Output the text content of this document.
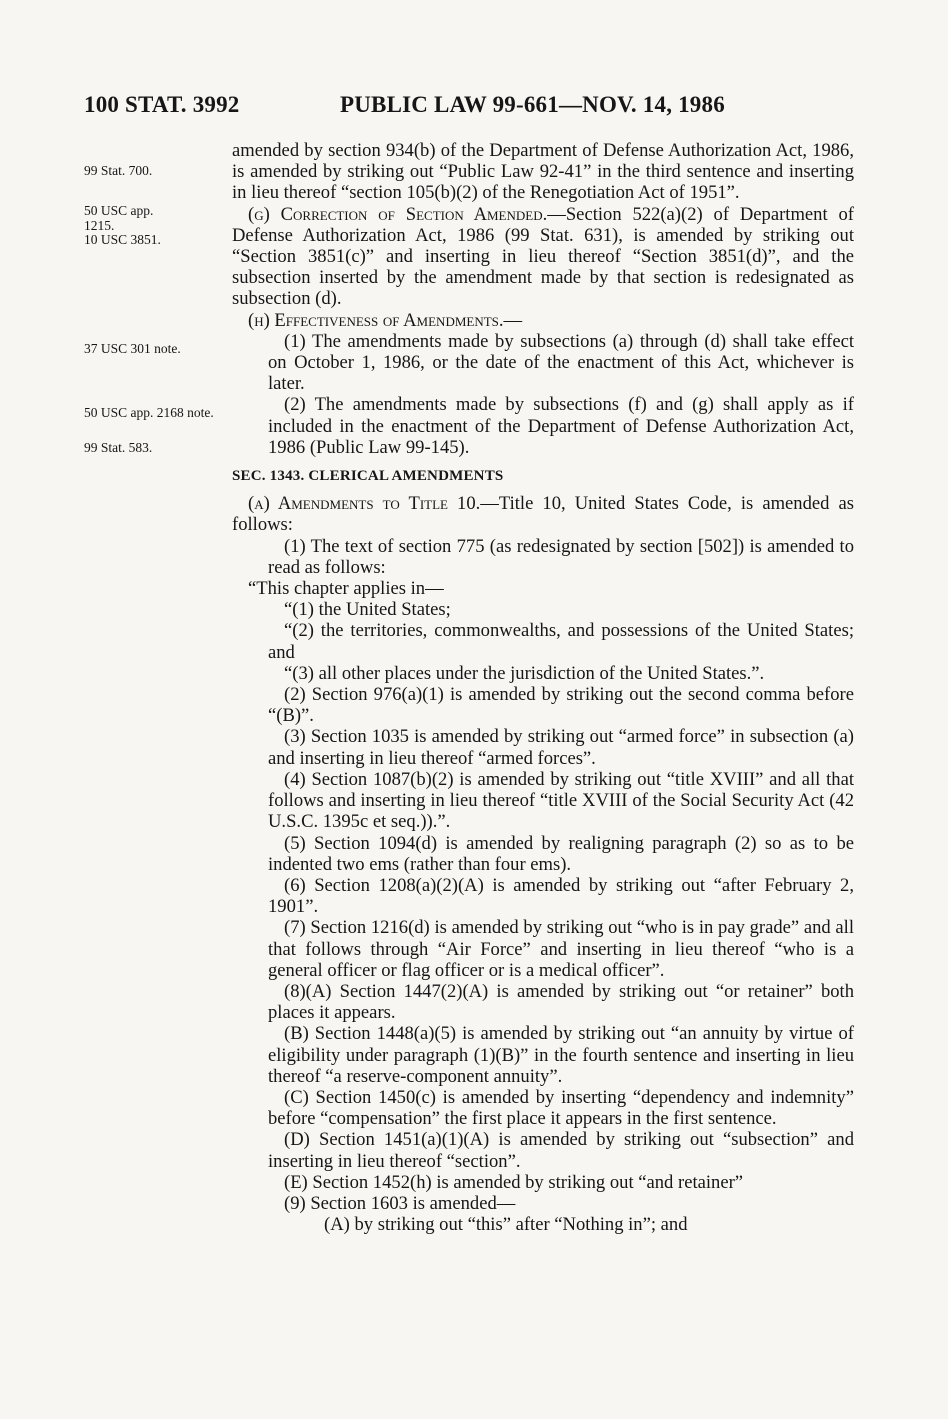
100 STAT. 3992	PUBLIC LAW 99-661—NOV. 14, 1986
99 Stat. 700.
50 USC app. 1215.
10 USC 3851.
37 USC 301 note.
50 USC app. 2168 note.
99 Stat. 583.

amended by section 934(b) of the Department of Defense Authorization Act, 1986, is amended by striking out “Public Law 92-41” in the third sentence and inserting in lieu thereof “section 105(b)(2) of the Renegotiation Act of 1951”.

(g) Correction of Section Amended.—Section 522(a)(2) of Department of Defense Authorization Act, 1986 (99 Stat. 631), is amended by striking out “Section 3851(c)” and inserting in lieu thereof “Section 3851(d)”, and the subsection inserted by the amendment made by that section is redesignated as subsection (d).

(h) Effectiveness of Amendments.—

(1) The amendments made by subsections (a) through (d) shall take effect on October 1, 1986, or the date of the enactment of this Act, whichever is later.

(2) The amendments made by subsections (f) and (g) shall apply as if included in the enactment of the Department of Defense Authorization Act, 1986 (Public Law 99-145).

SEC. 1343. CLERICAL AMENDMENTS

(a) Amendments to Title 10.—Title 10, United States Code, is amended as follows:

(1) The text of section 775 (as redesignated by section [502]) is amended to read as follows:

“This chapter applies in—

“(1) the United States;

“(2) the territories, commonwealths, and possessions of the United States; and

“(3) all other places under the jurisdiction of the United States.”.

(2) Section 976(a)(1) is amended by striking out the second comma before “(B)”.

(3) Section 1035 is amended by striking out “armed force” in subsection (a) and inserting in lieu thereof “armed forces”.

(4) Section 1087(b)(2) is amended by striking out “title XVIII” and all that follows and inserting in lieu thereof “title XVIII of the Social Security Act (42 U.S.C. 1395c et seq.)).”.

(5) Section 1094(d) is amended by realigning paragraph (2) so as to be indented two ems (rather than four ems).

(6) Section 1208(a)(2)(A) is amended by striking out “after February 2, 1901”.

(7) Section 1216(d) is amended by striking out “who is in pay grade” and all that follows through “Air Force” and inserting in lieu thereof “who is a general officer or flag officer or is a medical officer”.

(8)(A) Section 1447(2)(A) is amended by striking out “or retainer” both places it appears.

(B) Section 1448(a)(5) is amended by striking out “an annuity by virtue of eligibility under paragraph (1)(B)” in the fourth sentence and inserting in lieu thereof “a reserve-component annuity”.

(C) Section 1450(c) is amended by inserting “dependency and indemnity” before “compensation” the first place it appears in the first sentence.

(D) Section 1451(a)(1)(A) is amended by striking out “subsection” and inserting in lieu thereof “section”.

(E) Section 1452(h) is amended by striking out “and retainer”

(9) Section 1603 is amended—

(A) by striking out “this” after “Nothing in”; and
